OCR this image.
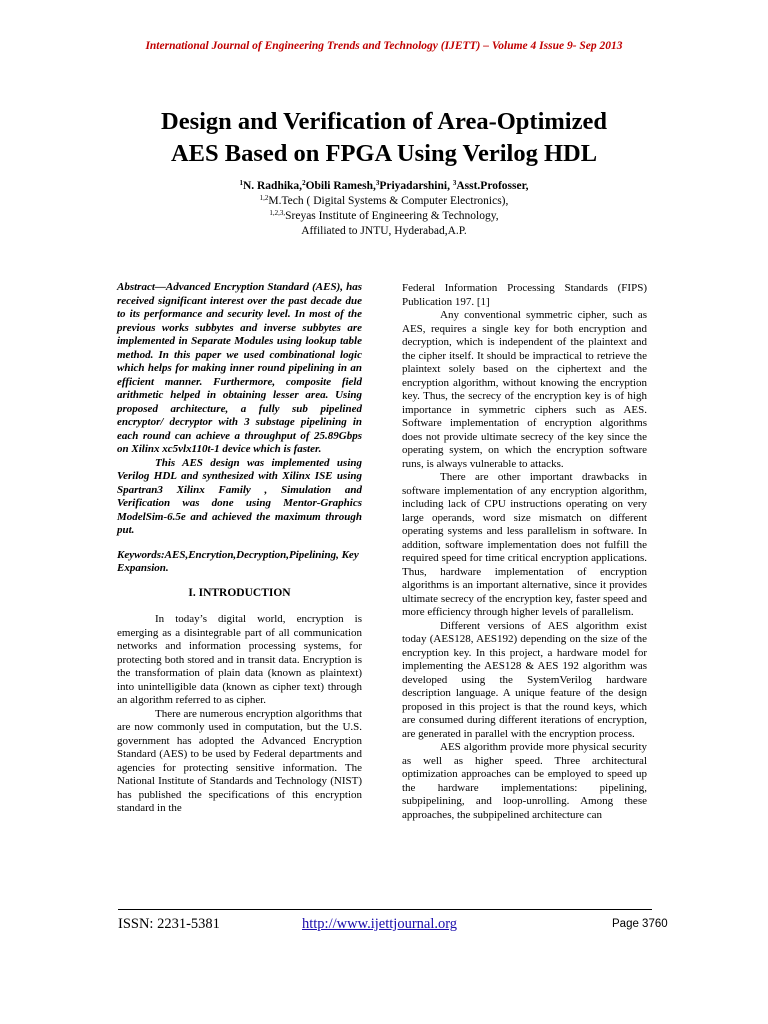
International Journal of Engineering Trends and Technology (IJETT) – Volume 4 Issue 9- Sep 2013
Design and Verification of Area-Optimized
AES Based on FPGA Using Verilog HDL
$^1$N. Radhika,$^2$Obili Ramesh,$^3$Priyadarshini, $^3$Asst.Profosser,
$^{1,2}$M.Tech ( Digital Systems & Computer Electronics),
$^{1,2,3,}$Sreyas Institute of Engineering & Technology,
Affiliated to JNTU, Hyderabad,A.P.

Abstract—Advanced Encryption Standard (AES), has received significant interest over the past decade due to its performance and security level. In most of the previous works subbytes and inverse subbytes are implemented in Separate Modules using lookup table method. In this paper we used combinational logic which helps for making inner round pipelining in an efficient manner. Furthermore, composite field arithmetic helped in obtaining lesser area. Using proposed architecture, a fully sub pipelined encryptor/ decryptor with 3 substage pipelining in each round can achieve a throughput of 25.89Gbps on Xilinx xc5vlx110t-1 device which is faster.

This AES design was implemented using Verilog HDL and synthesized with Xilinx ISE using Spartran3 Xilinx Family , Simulation and Verification was done using Mentor-Graphics ModelSim-6.5e and achieved the maximum through put.

Keywords:AES,Encrytion,Decryption,Pipelining, Key Expansion.

I. INTRODUCTION

In today’s digital world, encryption is emerging as a disintegrable part of all communication networks and information processing systems, for protecting both stored and in transit data. Encryption is the transformation of plain data (known as plaintext) into unintelligible data (known as cipher text) through an algorithm referred to as cipher.

There are numerous encryption algorithms that are now commonly used in computation, but the U.S. government has adopted the Advanced Encryption Standard (AES) to be used by Federal departments and agencies for protecting sensitive information. The National Institute of Standards and Technology (NIST) has published the specifications of this encryption standard in the

Federal Information Processing Standards (FIPS) Publication 197. [1]

Any conventional symmetric cipher, such as AES, requires a single key for both encryption and decryption, which is independent of the plaintext and the cipher itself. It should be impractical to retrieve the plaintext solely based on the ciphertext and the encryption algorithm, without knowing the encryption key. Thus, the secrecy of the encryption key is of high importance in symmetric ciphers such as AES. Software implementation of encryption algorithms does not provide ultimate secrecy of the key since the operating system, on which the encryption software runs, is always vulnerable to attacks.

There are other important drawbacks in software implementation of any encryption algorithm, including lack of CPU instructions operating on very large operands, word size mismatch on different operating systems and less parallelism in software. In addition, software implementation does not fulfill the required speed for time critical encryption applications. Thus, hardware implementation of encryption algorithms is an important alternative, since it provides ultimate secrecy of the encryption key, faster speed and more efficiency through higher levels of parallelism.

Different versions of AES algorithm exist today (AES128, AES192) depending on the size of the encryption key. In this project, a hardware model for implementing the AES128 & AES 192 algorithm was developed using the SystemVerilog hardware description language. A unique feature of the design proposed in this project is that the round keys, which are consumed during different iterations of encryption, are generated in parallel with the encryption process.

AES algorithm provide more physical security as well as higher speed. Three architectural optimization approaches can be employed to speed up the hardware implementations: pipelining, subpipelining, and loop-unrolling. Among these approaches, the subpipelined architecture can

ISSN: 2231-5381	http://www.ijettjournal.org	Page 3760
